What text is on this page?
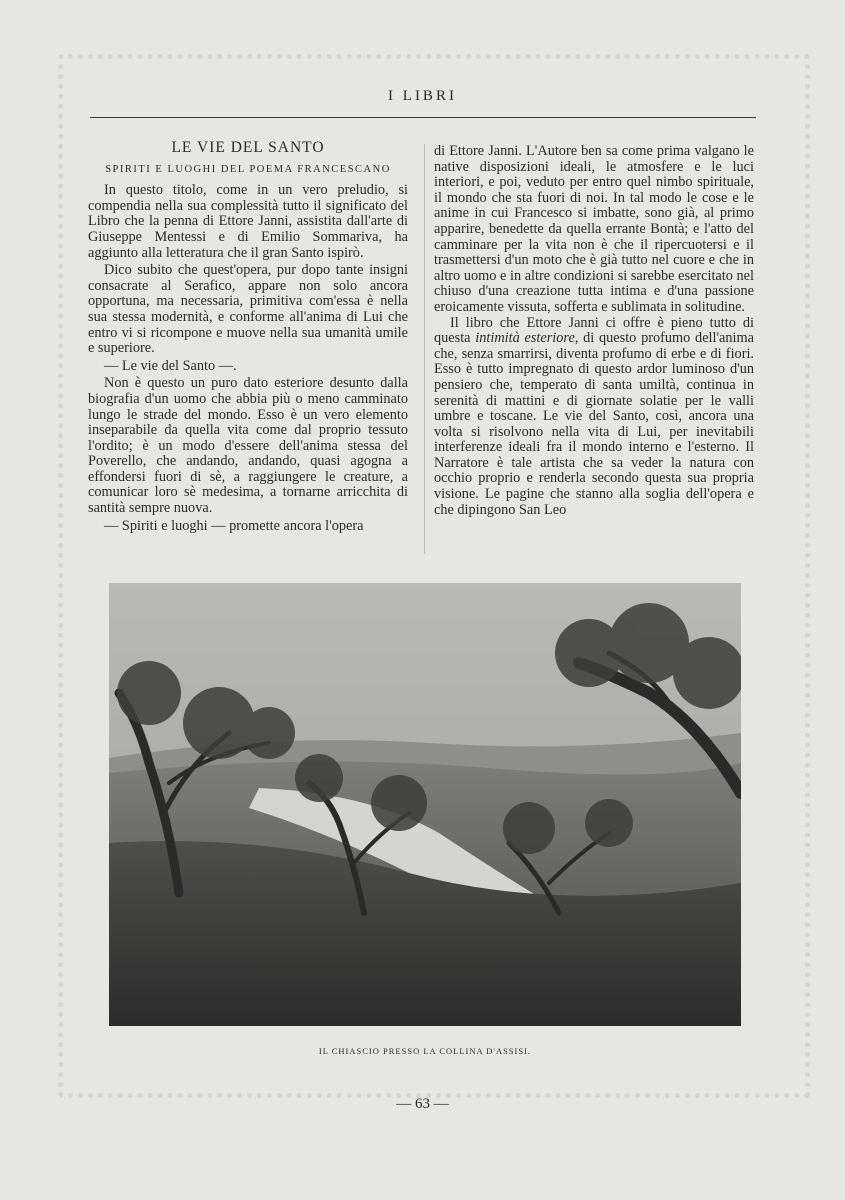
I LIBRI
LE VIE DEL SANTO
SPIRITI E LUOGHI DEL POEMA FRANCESCANO

In questo titolo, come in un vero preludio, si compendia nella sua complessità tutto il significato del Libro che la penna di Ettore Janni, assistita dall'arte di Giuseppe Mentessi e di Emilio Sommariva, ha aggiunto alla letteratura che il gran Santo ispirò.

Dico subito che quest'opera, pur dopo tante insigni consacrate al Serafico, appare non solo ancora opportuna, ma necessaria, primitiva com'essa è nella sua stessa modernità, e conforme all'anima di Lui che entro vi si ricompone e muove nella sua umanità umile e superiore.

— Le vie del Santo —.

Non è questo un puro dato esteriore desunto dalla biografia d'un uomo che abbia più o meno camminato lungo le strade del mondo. Esso è un vero elemento inseparabile da quella vita come dal proprio tessuto l'ordito; è un modo d'essere dell'anima stessa del Poverello, che andando, andando, quasi agogna a effondersi fuori di sè, a raggiungere le creature, a comunicar loro sè medesima, a tornarne arricchita di santità sempre nuova.

— Spiriti e luoghi — promette ancora l'opera

di Ettore Janni. L'Autore ben sa come prima valgano le native disposizioni ideali, le atmosfere e le luci interiori, e poi, veduto per entro quel nimbo spirituale, il mondo che sta fuori di noi. In tal modo le cose e le anime in cui Francesco si imbatte, sono già, al primo apparire, benedette da quella errante Bontà; e l'atto del camminare per la vita non è che il ripercuotersi e il trasmettersi d'un moto che è già tutto nel cuore e che in altro uomo e in altre condizioni si sarebbe esercitato nel chiuso d'una creazione tutta intima e d'una passione eroicamente vissuta, sofferta e sublimata in solitudine.

Il libro che Ettore Janni ci offre è pieno tutto di questa intimità esteriore, di questo profumo dell'anima che, senza smarrirsi, diventa profumo di erbe e di fiori. Esso è tutto impregnato di questo ardor luminoso d'un pensiero che, temperato di santa umiltà, continua in serenità di mattini e di giornate solatie per le valli umbre e toscane. Le vie del Santo, così, ancora una volta si risolvono nella vita di Lui, per inevitabili interferenze ideali fra il mondo interno e l'esterno. Il Narratore è tale artista che sa veder la natura con occhio proprio e renderla secondo questa sua propria visione. Le pagine che stanno alla soglia dell'opera e che dipingono San Leo

IL CHIASCIO PRESSO LA COLLINA D'ASSISI.
— 63 —
